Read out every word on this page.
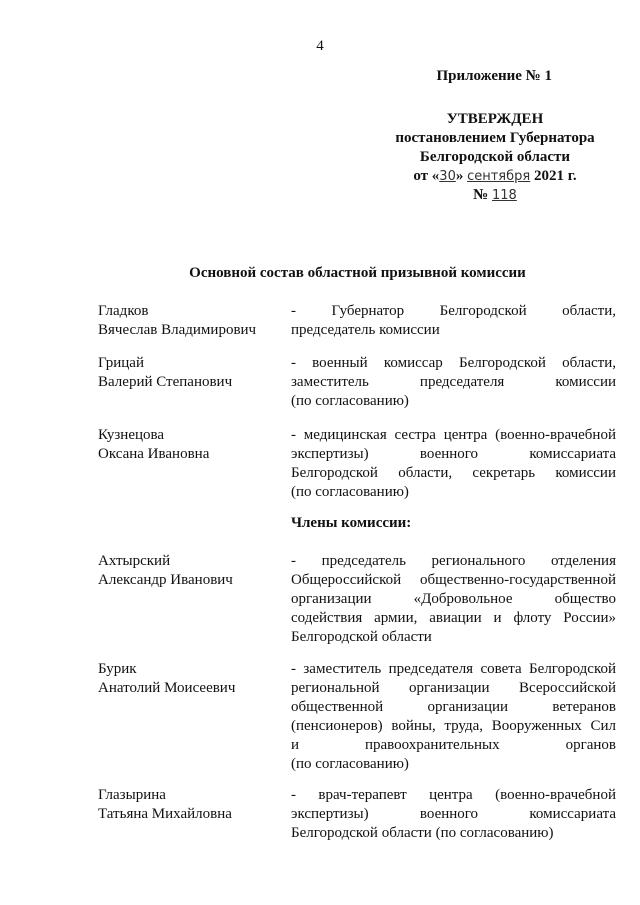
4
Приложение № 1
УТВЕРЖДЕН
постановлением Губернатора
Белгородской области
от «30» сентября 2021 г.
№ 118
Основной состав областной призывной комиссии
Гладков
Вячеслав Владимирович
- Губернатор Белгородской области,
председатель комиссии
Грицай
Валерий Степанович
- военный комиссар Белгородской области,
заместитель председателя комиссии
(по согласованию)
Кузнецова
Оксана Ивановна
- медицинская сестра центра (военно-врачебной
экспертизы) военного комиссариата
Белгородской области, секретарь комиссии
(по согласованию)
Члены комиссии:
Ахтырский
Александр Иванович
- председатель регионального отделения
Общероссийской общественно-государственной
организации «Добровольное общество
содействия армии, авиации и флоту России»
Белгородской области
Бурик
Анатолий Моисеевич
- заместитель председателя совета Белгородской
региональной организации Всероссийской
общественной организации ветеранов
(пенсионеров) войны, труда, Вооруженных Сил
и правоохранительных органов
(по согласованию)
Глазырина
Татьяна Михайловна
- врач-терапевт центра (военно-врачебной
экспертизы) военного комиссариата
Белгородской области (по согласованию)
